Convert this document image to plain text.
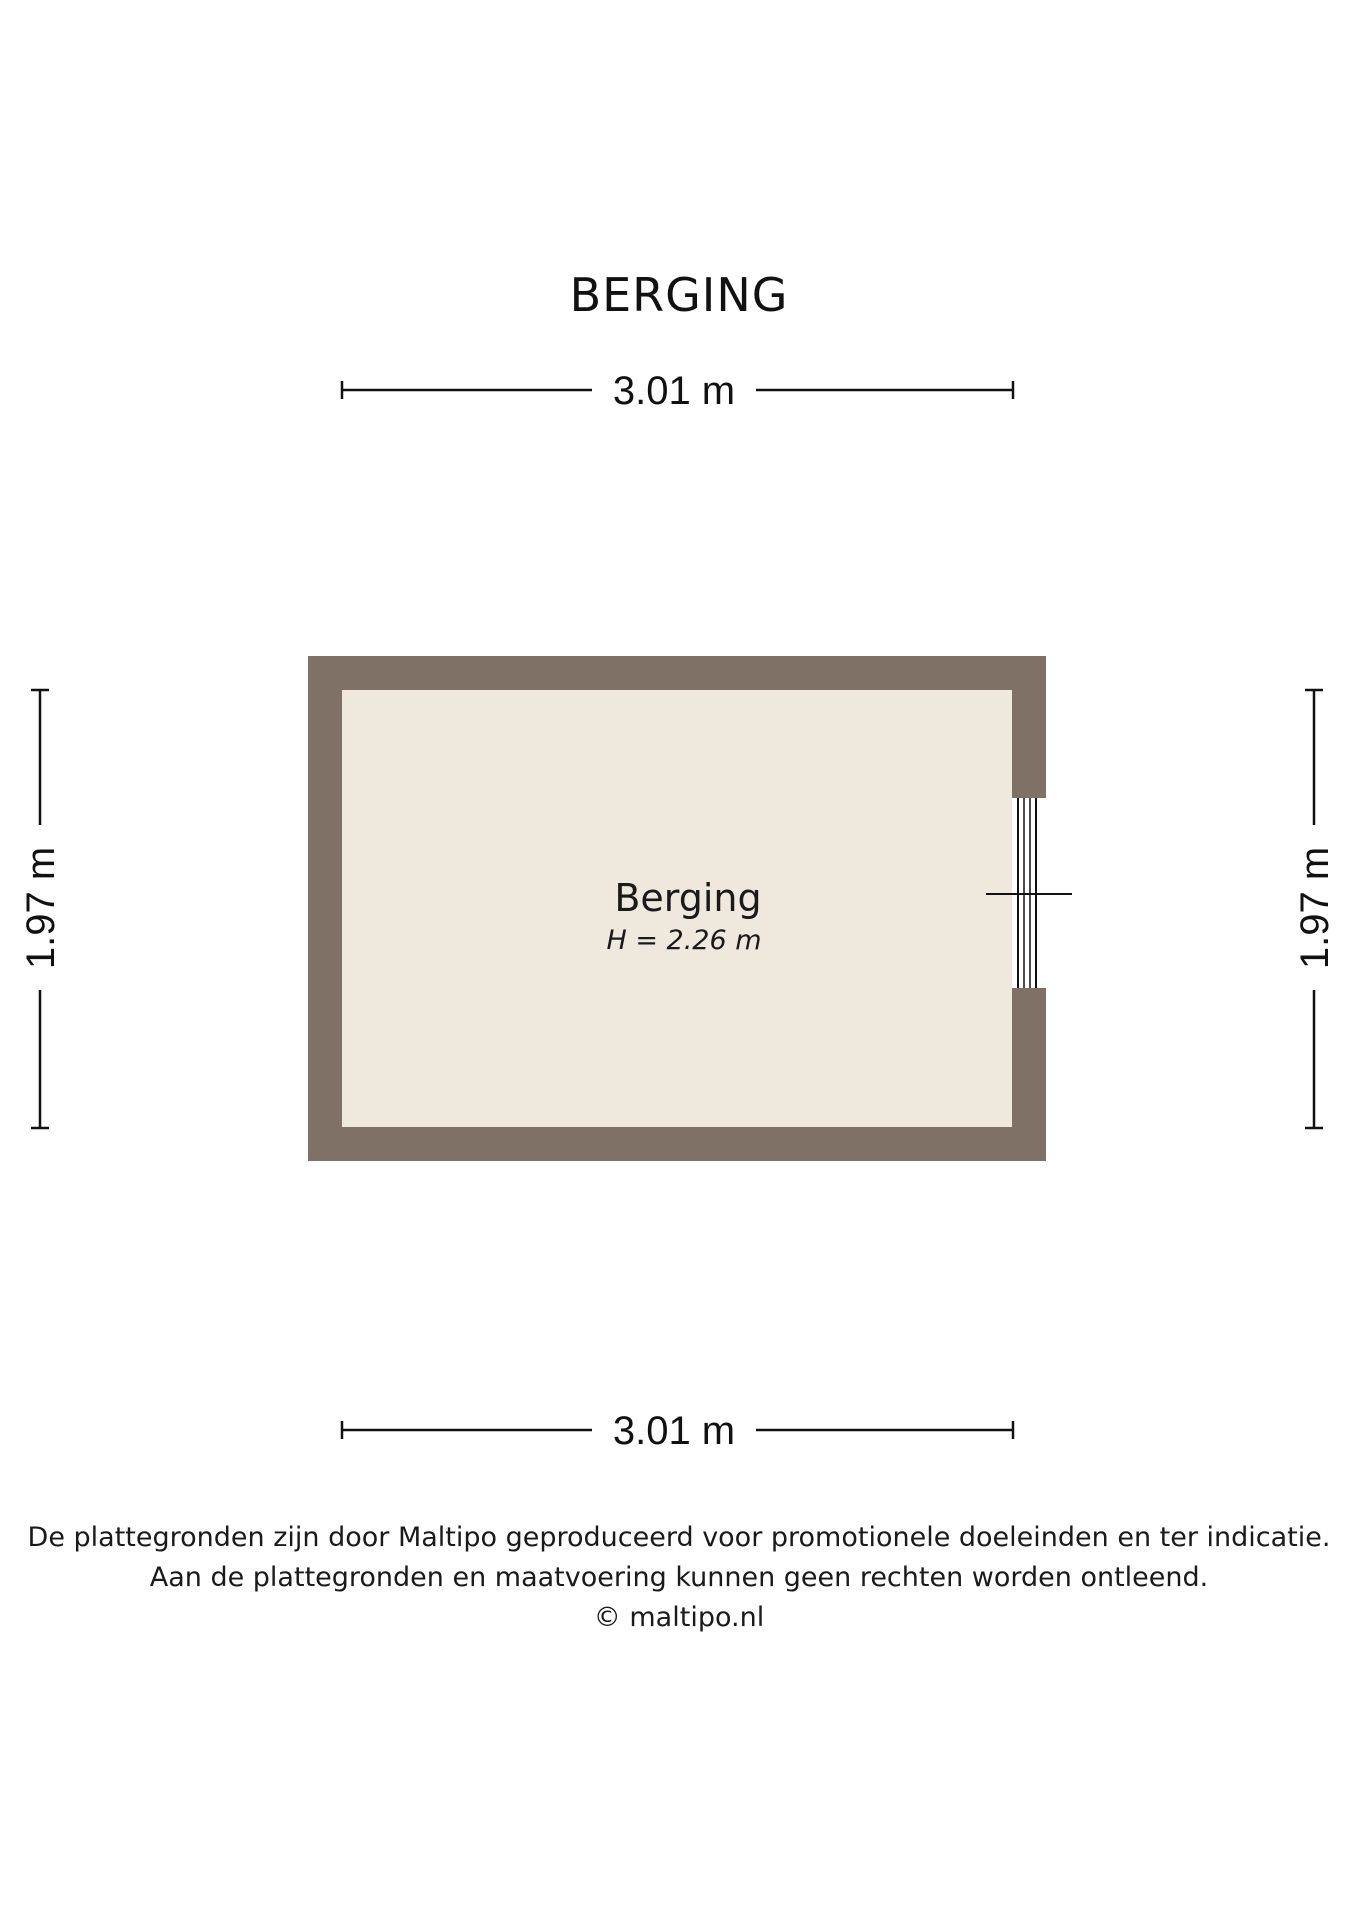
BERGING
3.01 m
3.01 m
1.97 m	1.97 m
Berging
H = 2.26 m
De plattegronden zijn door Maltipo geproduceerd voor promotionele doeleinden en ter indicatie.
Aan de plattegronden en maatvoering kunnen geen rechten worden ontleend.
© maltipo.nl
